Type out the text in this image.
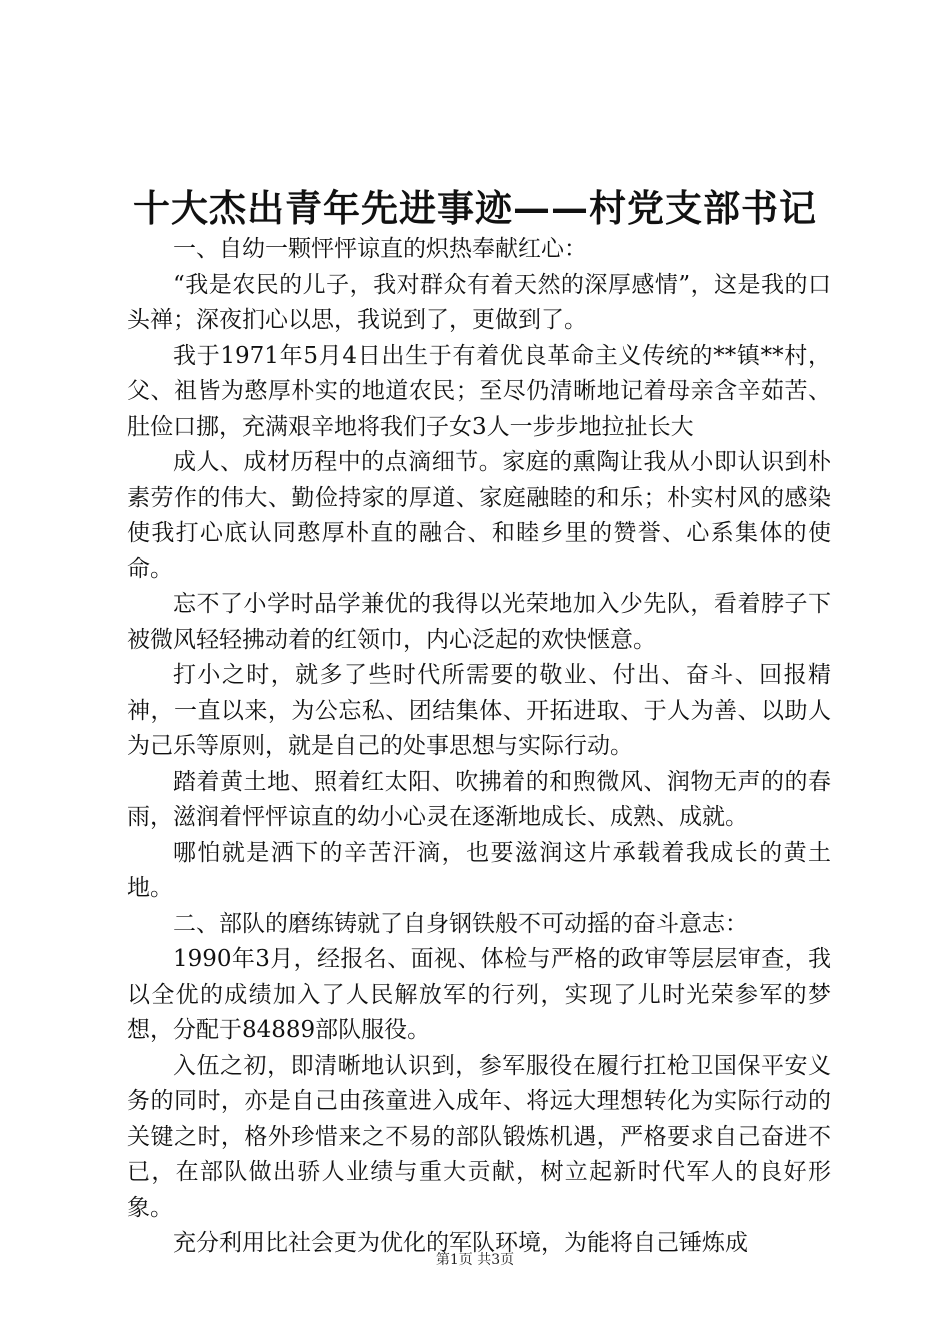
十大杰出青年先进事迹——村党支部书记

一、自幼一颗怦怦谅直的炽热奉献红心：

“我是农民的儿子，我对群众有着天然的深厚感情”，这是我的口头禅；深夜扪心以思，我说到了，更做到了。

我于1971年5月4日出生于有着优良革命主义传统的**镇**村，父、祖皆为憨厚朴实的地道农民；至尽仍清晰地记着母亲含辛茹苦、肚俭口挪，充满艰辛地将我们子女3人一步步地拉扯长大

成人、成材历程中的点滴细节。家庭的熏陶让我从小即认识到朴素劳作的伟大、勤俭持家的厚道、家庭融睦的和乐；朴实村风的感染使我打心底认同憨厚朴直的融合、和睦乡里的赞誉、心系集体的使命。

忘不了小学时品学兼优的我得以光荣地加入少先队，看着脖子下被微风轻轻拂动着的红领巾，内心泛起的欢快惬意。

打小之时，就多了些时代所需要的敬业、付出、奋斗、回报精神，一直以来，为公忘私、团结集体、开拓进取、于人为善、以助人为己乐等原则，就是自己的处事思想与实际行动。

踏着黄土地、照着红太阳、吹拂着的和煦微风、润物无声的的春雨，滋润着怦怦谅直的幼小心灵在逐渐地成长、成熟、成就。

哪怕就是洒下的辛苦汗滴，也要滋润这片承载着我成长的黄土地。

二、部队的磨练铸就了自身钢铁般不可动摇的奋斗意志：

1990年3月，经报名、面视、体检与严格的政审等层层审查，我以全优的成绩加入了人民解放军的行列，实现了儿时光荣参军的梦想，分配于84889部队服役。

入伍之初，即清晰地认识到，参军服役在履行扛枪卫国保平安义务的同时，亦是自己由孩童进入成年、将远大理想转化为实际行动的关键之时，格外珍惜来之不易的部队锻炼机遇，严格要求自己奋进不已，在部队做出骄人业绩与重大贡献，树立起新时代军人的良好形象。

充分利用比社会更为优化的军队环境，为能将自己锤炼成

第1页 共3页
